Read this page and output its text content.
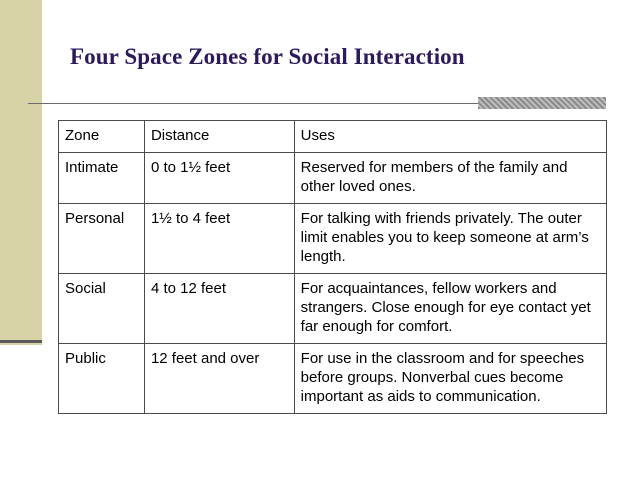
Four Space Zones for Social Interaction
Zone	Distance	Uses
Intimate	0 to 1½ feet	Reserved for members of the family and other loved ones.
Personal	1½ to 4 feet	For talking with friends privately. The outer limit enables you to keep someone at arm’s length.
Social	4 to 12 feet	For acquaintances, fellow workers and strangers. Close enough for eye contact yet far enough for comfort.
Public	12 feet and over	For use in the classroom and for speeches before groups. Nonverbal cues become important as aids to communication.
